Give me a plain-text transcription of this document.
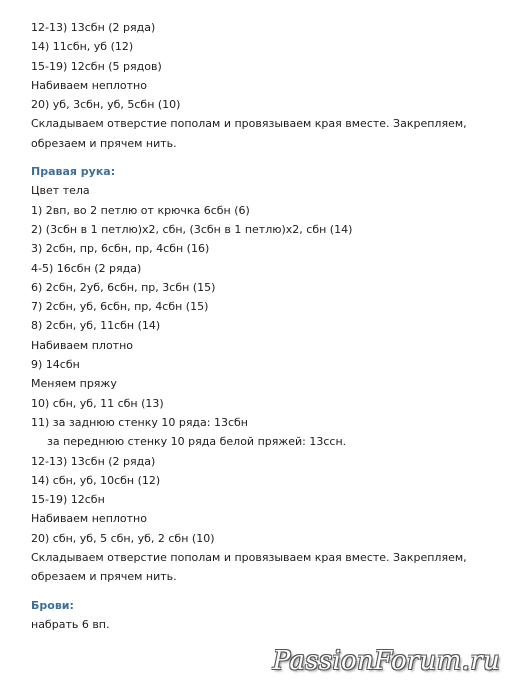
12-13) 13сбн (2 ряда)
14) 11сбн, уб (12)
15-19) 12сбн (5 рядов)
Набиваем неплотно
20) уб, 3сбн, уб, 5сбн (10)
Складываем отверстие пополам и провязываем края вместе. Закрепляем,
обрезаем и прячем нить.
Правая рука:
Цвет тела
1) 2вп, во 2 петлю от крючка 6сбн (6)
2) (3сбн в 1 петлю)х2, сбн, (3сбн в 1 петлю)х2, сбн (14)
3) 2сбн, пр, 6сбн, пр, 4сбн (16)
4-5) 16сбн (2 ряда)
6) 2сбн, 2уб, 6сбн, пр, 3сбн (15)
7) 2сбн, уб, 6сбн, пр, 4сбн (15)
8) 2сбн, уб, 11сбн (14)
Набиваем плотно
9) 14сбн
Меняем пряжу
10) сбн, уб, 11 сбн (13)
11) за заднюю стенку 10 ряда: 13сбн
за переднюю стенку 10 ряда белой пряжей: 13ссн.
12-13) 13сбн (2 ряда)
14) сбн, уб, 10сбн (12)
15-19) 12сбн
Набиваем неплотно
20) сбн, уб, 5 сбн, уб, 2 сбн (10)
Складываем отверстие пополам и провязываем края вместе. Закрепляем,
обрезаем и прячем нить.
Брови:
набрать 6 вп.
PassionForum.ru
